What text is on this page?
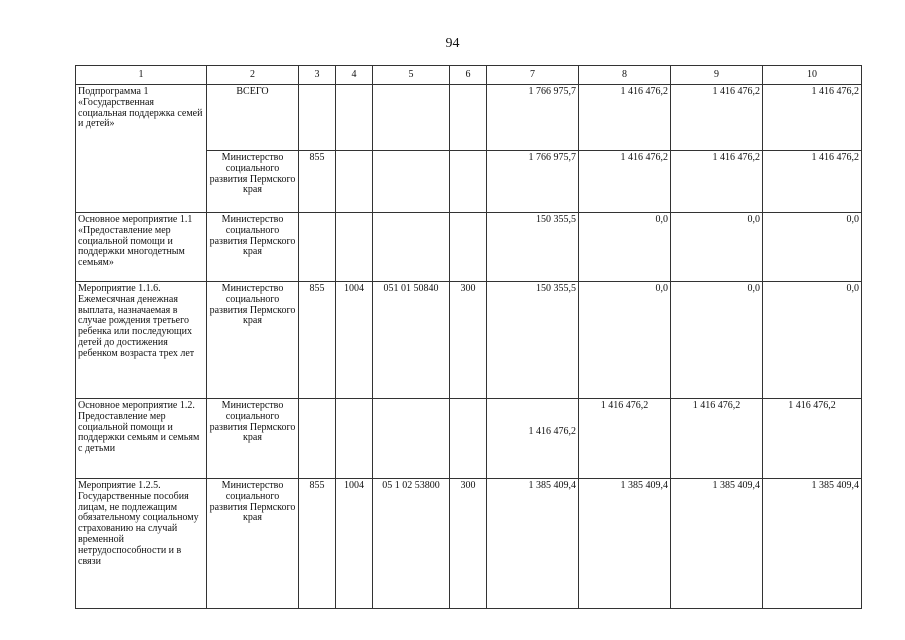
94
1	2	3	4	5	6	7	8	9	10
Подпрограмма 1 «Государственная социальная поддержка семей и детей»	ВСЕГО					1 766 975,7	1 416 476,2	1 416 476,2	1 416 476,2
	Министерство социального развития Пермского края	855				1 766 975,7	1 416 476,2	1 416 476,2	1 416 476,2
Основное мероприятие 1.1 «Предоставление мер социальной помощи и поддержки многодетным семьям»	Министерство социального развития Пермского края					150 355,5	0,0	0,0	0,0
Мероприятие 1.1.6. Ежемесячная денежная выплата, назначаемая в случае рождения третьего ребенка или последующих детей до достижения ребенком возраста трех лет	Министерство социального развития Пермского края	855	1004	051 01 50840	300	150 355,5	0,0	0,0	0,0
Основное мероприятие 1.2. Предоставление мер социальной помощи и поддержки семьям и семьям с детьми	Министерство социального развития Пермского края					1 416 476,2	1 416 476,2	1 416 476,2	1 416 476,2
Мероприятие 1.2.5. Государственные пособия лицам, не подлежащим обязательному социальному страхованию на случай временной нетрудоспособности и в связи	Министерство социального развития Пермского края	855	1004	05 1 02 53800	300	1 385 409,4	1 385 409,4	1 385 409,4	1 385 409,4
